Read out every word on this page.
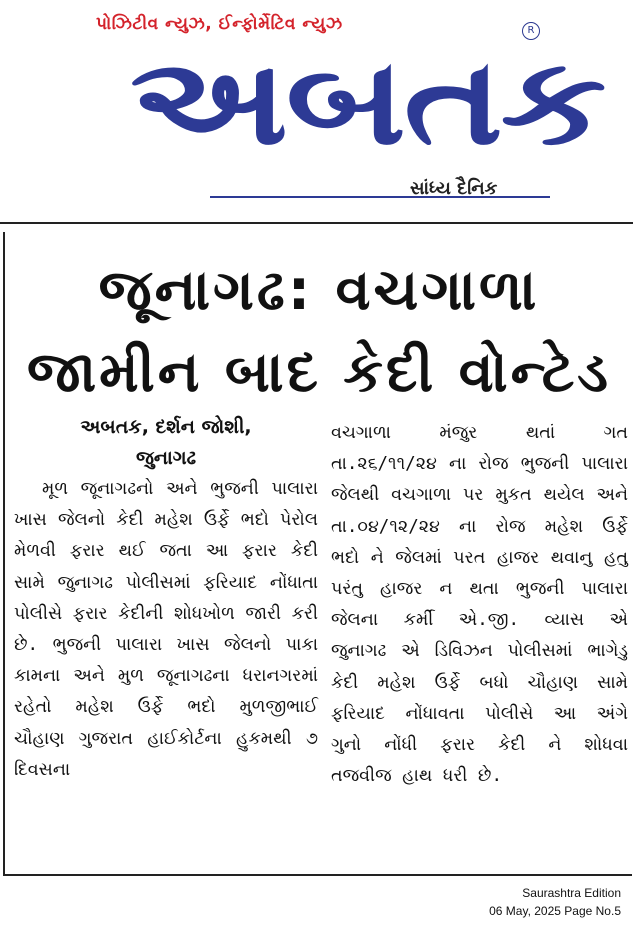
પોઝિટીવ ન્યુઝ, ઈન્ફોર્મેટિવ ન્યુઝ	R
અબતક
સાંધ્ય દૈનિક
જૂનાગઢ: વચગાળા
જામીન બાદ કેદી વોન્ટેડ
અબતક, દર્શન જોશી,
જુનાગઢ
મૂળ જૂનાગઢનો અને ભુજની પાલારા ખાસ જેલનો કેદી મહેશ ઉર્ફે ભદો પેરોલ મેળવી ફરાર થઈ જતા આ ફરાર કેદી સામે જુનાગઢ પોલીસમાં ફરિયાદ નોંધાતા પોલીસે ફરાર કેદીની શોધખોળ જારી કરી છે. ભુજની પાલારા ખાસ જેલનો પાકા કામના અને મુળ જૂનાગઢના ધરાનગરમાં રહેતો મહેશ ઉર્ફે ભદો મુળજીભાઈ ચૌહાણ ગુજરાત હાઈકોર્ટના હુકમથી ૭ દિવસના
વચગાળા મંજુર થતાં ગત તા.૨૬/૧૧/૨૪ ના રોજ ભુજની પાલારા જેલથી વચગાળા પર મુકત થયેલ અને તા.૦૪/૧૨/૨૪ ના રોજ મહેશ ઉર્ફે ભદો ને જેલમાં પરત હાજર થવાનુ હતુ પરંતુ હાજર ન થતા ભુજની પાલારા જેલના કર્મી એ.જી. વ્યાસ એ જુનાગઢ એ ડિવિઝન પોલીસમાં ભાગેડુ કેદી મહેશ ઉર્ફે બધો ચૌહાણ સામે ફરિયાદ નોંધાવતા પોલીસે આ અંગે ગુનો નોંધી ફરાર કેદી ને શોધવા તજવીજ હાથ ધરી છે.
Saurashtra Edition
06 May, 2025 Page No.5
